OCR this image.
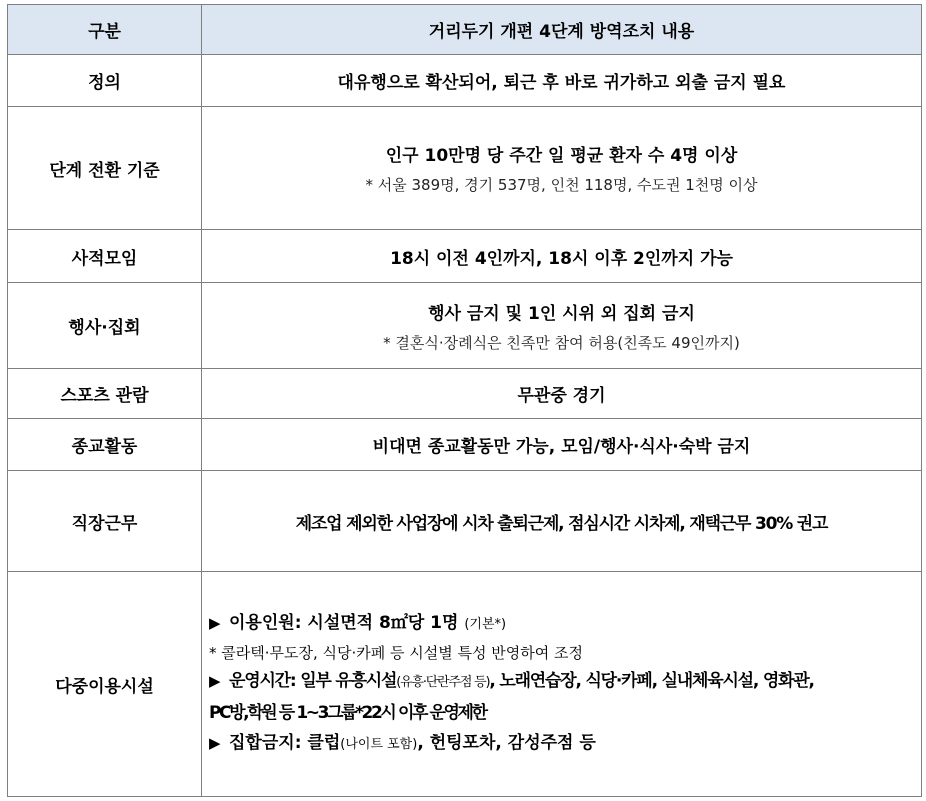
구분	거리두기 개편 4단계 방역조치 내용
정의	대유행으로 확산되어, 퇴근 후 바로 귀가하고 외출 금지 필요
단계 전환 기준	인구 10만명 당 주간 일 평균 환자 수 4명 이상
* 서울 389명, 경기 537명, 인천 118명, 수도권 1천명 이상

사적모임	18시 이전 4인까지, 18시 이후 2인까지 가능
행사·집회	행사 금지 및 1인 시위 외 집회 금지
* 결혼식·장례식은 친족만 참여 허용(친족도 49인까지)

스포츠 관람	무관중 경기
종교활동	비대면 종교활동만 가능, 모임/행사·식사·숙박 금지
직장근무	제조업 제외한 사업장에 시차 출퇴근제, 점심시간 시차제, 재택근무 30% 권고
다중이용시설	▶ 이용인원: 시설면적 8㎡당 1명 (기본*)
* 콜라텍·무도장, 식당·카페 등 시설별 특성 반영하여 조정
▶ 운영시간: 일부 유흥시설(유흥·단란주점 등), 노래연습장, 식당·카페, 실내체육시설, 영화관,
PC방,학원 등 1~3그룹*22시 이후 운영제한
▶ 집합금지: 클럽(나이트 포함), 헌팅포차, 감성주점 등
